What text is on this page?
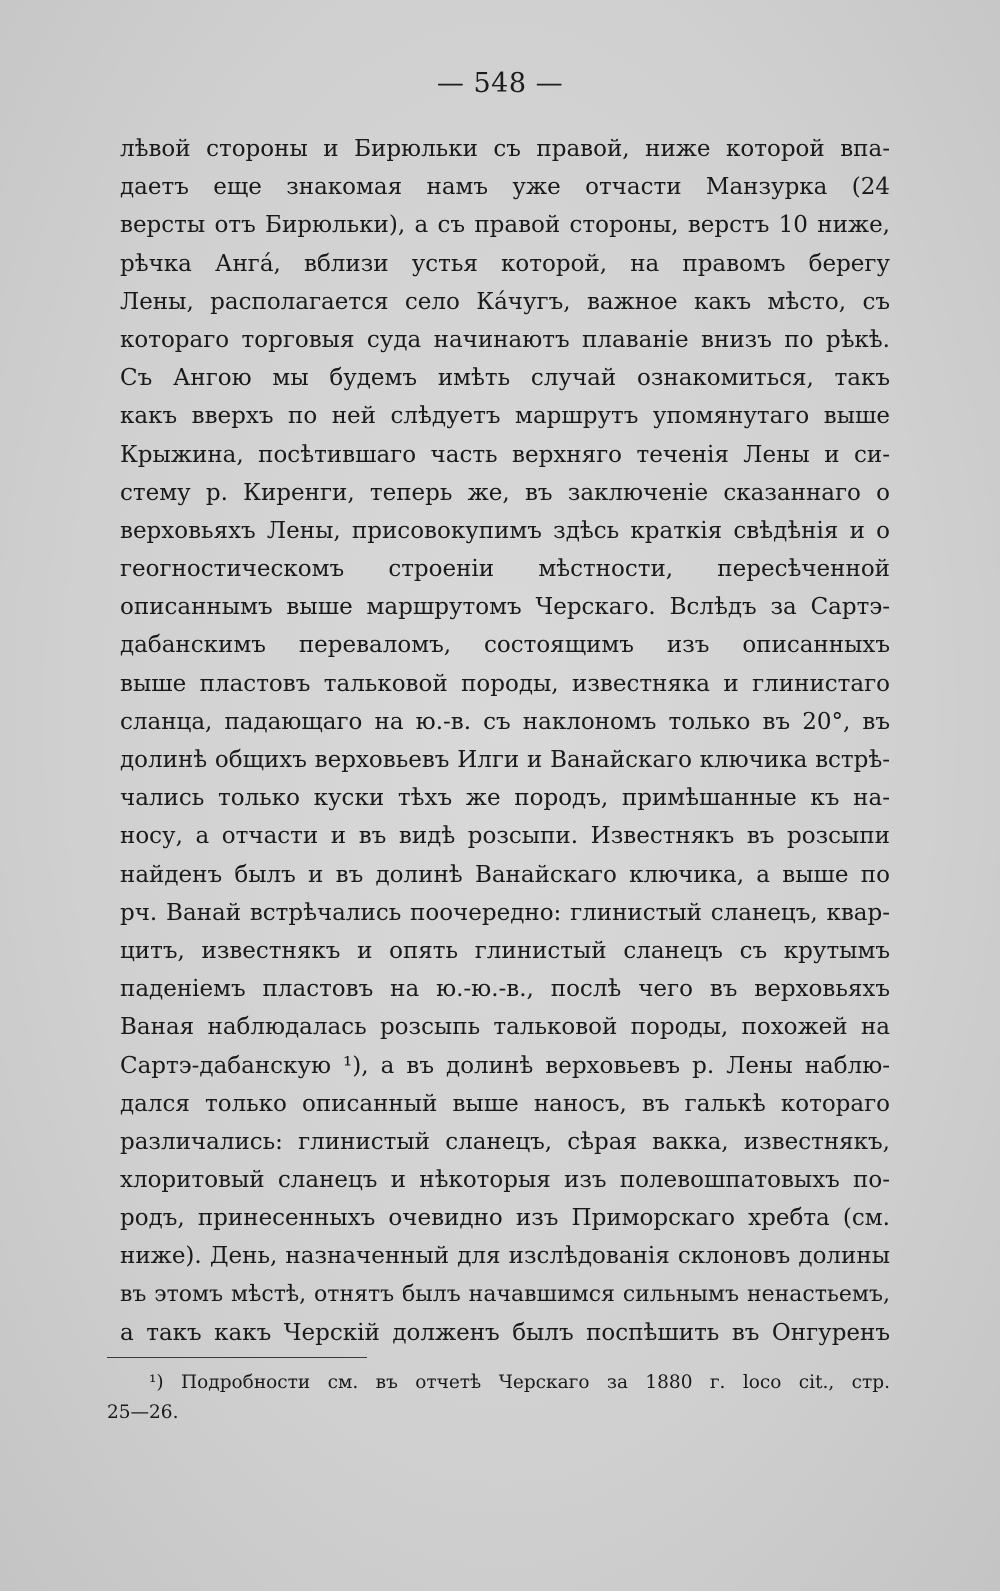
— 548 —
лѣвой стороны и Бирюльки съ правой, ниже которой впа-
даетъ еще знакомая намъ уже отчасти Манзурка (24
версты отъ Бирюльки), а съ правой стороны, верстъ 10 ниже,
рѣчка Ангá, вблизи устья которой, на правомъ берегу
Лены, располагается село Кáчугъ, важное какъ мѣсто, съ
котораго торговыя суда начинаютъ плаваніе внизъ по рѣкѣ.
Съ Ангою мы будемъ имѣть случай ознакомиться, такъ
какъ вверхъ по ней слѣдуетъ маршрутъ упомянутаго выше
Крыжина, посѣтившаго часть верхняго теченія Лены и си-
стему р. Киренги, теперь же, въ заключеніе сказаннаго о
верховьяхъ Лены, присовокупимъ здѣсь краткія свѣдѣнія и о
геогностическомъ строеніи мѣстности, пересѣченной
описаннымъ выше маршрутомъ Черскаго. Вслѣдъ за Сартэ-
дабанскимъ переваломъ, состоящимъ изъ описанныхъ
выше пластовъ тальковой породы, известняка и глинистаго
сланца, падающаго на ю.-в. съ наклономъ только въ 20°, въ
долинѣ общихъ верховьевъ Илги и Ванайскаго ключика встрѣ-
чались только куски тѣхъ же породъ, примѣшанные къ на-
носу, а отчасти и въ видѣ розсыпи. Известнякъ въ розсыпи
найденъ былъ и въ долинѣ Ванайскаго ключика, а выше по
рч. Ванай встрѣчались поочередно: глинистый сланецъ, квар-
цитъ, известнякъ и опять глинистый сланецъ съ крутымъ
паденіемъ пластовъ на ю.-ю.-в., послѣ чего въ верховьяхъ
Ваная наблюдалась розсыпь тальковой породы, похожей на
Сартэ-дабанскую ¹), а въ долинѣ верховьевъ р. Лены наблю-
дался только описанный выше наносъ, въ галькѣ котораго
различались: глинистый сланецъ, сѣрая вакка, известнякъ,
хлоритовый сланецъ и нѣкоторыя изъ полевошпатовыхъ по-
родъ, принесенныхъ очевидно изъ Приморскаго хребта (см.
ниже). День, назначенный для изслѣдованія склоновъ долины
въ этомъ мѣстѣ, отнятъ былъ начавшимся сильнымъ ненастьемъ,
а такъ какъ Черскій долженъ былъ поспѣшить въ Онгуренъ
¹) Подробности см. въ отчетѣ Черскаго за 1880 г. loco cit., стр.
25—26.
